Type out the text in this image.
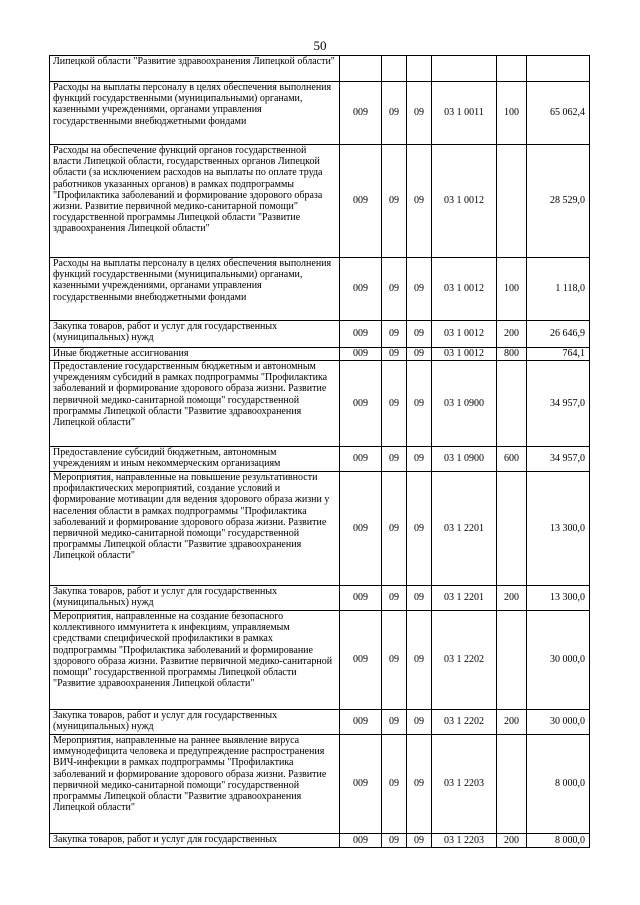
50
Липецкой области "Развитие здравоохранения Липецкой области"						
Расходы на выплаты персоналу в целях обеспечения выполнения функций государственными (муниципальными) органами, казенными учреждениями, органами управления государственными внебюджетными фондами	009	09	09	03 1 0011	100	65 062,4
Расходы на обеспечение функций органов государственной власти Липецкой области, государственных органов Липецкой области (за исключением расходов на выплаты по оплате труда работников указанных органов) в рамках подпрограммы "Профилактика заболеваний и формирование здорового образа жизни. Развитие первичной медико-санитарной помощи" государственной программы Липецкой области "Развитие здравоохранения Липецкой области"	009	09	09	03 1 0012		28 529,0
Расходы на выплаты персоналу в целях обеспечения выполнения функций государственными (муниципальными) органами, казенными учреждениями, органами управления государственными внебюджетными фондами	009	09	09	03 1 0012	100	1 118,0
Закупка товаров, работ и услуг для государственных (муниципальных) нужд	009	09	09	03 1 0012	200	26 646,9
Иные бюджетные ассигнования	009	09	09	03 1 0012	800	764,1
Предоставление государственным бюджетным и автономным учреждениям субсидий в рамках подпрограммы "Профилактика заболеваний и формирование здорового образа жизни. Развитие первичной медико-санитарной помощи" государственной программы Липецкой области "Развитие здравоохранения Липецкой области"	009	09	09	03 1 0900		34 957,0
Предоставление субсидий бюджетным, автономным учреждениям и иным некоммерческим организациям	009	09	09	03 1 0900	600	34 957,0
Мероприятия, направленные на повышение результативности профилактических мероприятий, создание условий и формирование мотивации для ведения здорового образа жизни у населения области в рамках подпрограммы "Профилактика заболеваний и формирование здорового образа жизни. Развитие первичной медико-санитарной помощи" государственной программы Липецкой области "Развитие здравоохранения Липецкой области"	009	09	09	03 1 2201		13 300,0
Закупка товаров, работ и услуг для государственных (муниципальных) нужд	009	09	09	03 1 2201	200	13 300,0
Мероприятия, направленные на создание безопасного коллективного иммунитета к инфекциям, управляемым средствами специфической профилактики в рамках подпрограммы "Профилактика заболеваний и формирование здорового образа жизни. Развитие первичной медико-санитарной помощи" государственной программы Липецкой области "Развитие здравоохранения Липецкой области"	009	09	09	03 1 2202		30 000,0
Закупка товаров, работ и услуг для государственных (муниципальных) нужд	009	09	09	03 1 2202	200	30 000,0
Мероприятия, направленные на раннее выявление вируса иммунодефицита человека и предупреждение распространения ВИЧ-инфекции в рамках подпрограммы "Профилактика заболеваний и формирование здорового образа жизни. Развитие первичной медико-санитарной помощи" государственной программы Липецкой области "Развитие здравоохранения Липецкой области"	009	09	09	03 1 2203		8 000,0
Закупка товаров, работ и услуг для государственных	009	09	09	03 1 2203	200	8 000,0
